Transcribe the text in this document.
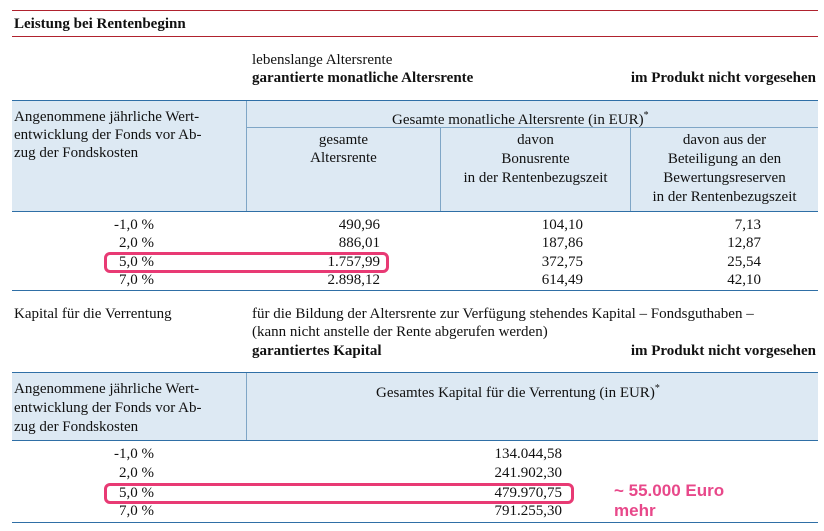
Leistung bei Rentenbeginn
lebenslange Altersrente
garantierte monatliche Altersrente	im Produkt nicht vorgesehen
Angenommene jährliche Wert-
entwicklung der Fonds vor Ab-
zug der Fondskosten
Gesamte monatliche Altersrente (in EUR)*
gesamte
Altersrente
davon
Bonusrente
in der Rentenbezugszeit
davon aus der
Beteiligung an den
Bewertungsreserven
in der Rentenbezugszeit
-1,0 %	490,96	104,10	7,13
2,0 %	886,01	187,86	12,87
5,0 %	1.757,99	372,75	25,54
7,0 %	2.898,12	614,49	42,10
Kapital für die Verrentung	für die Bildung der Altersrente zur Verfügung stehendes Kapital – Fondsguthaben –
(kann nicht anstelle der Rente abgerufen werden)
garantiertes Kapital	im Produkt nicht vorgesehen
Angenommene jährliche Wert-
entwicklung der Fonds vor Ab-
zug der Fondskosten
Gesamtes Kapital für die Verrentung (in EUR)*
-1,0 %	134.044,58
2,0 %	241.902,30
5,0 %	479.970,75
7,0 %	791.255,30
~ 55.000 Euro
mehr
